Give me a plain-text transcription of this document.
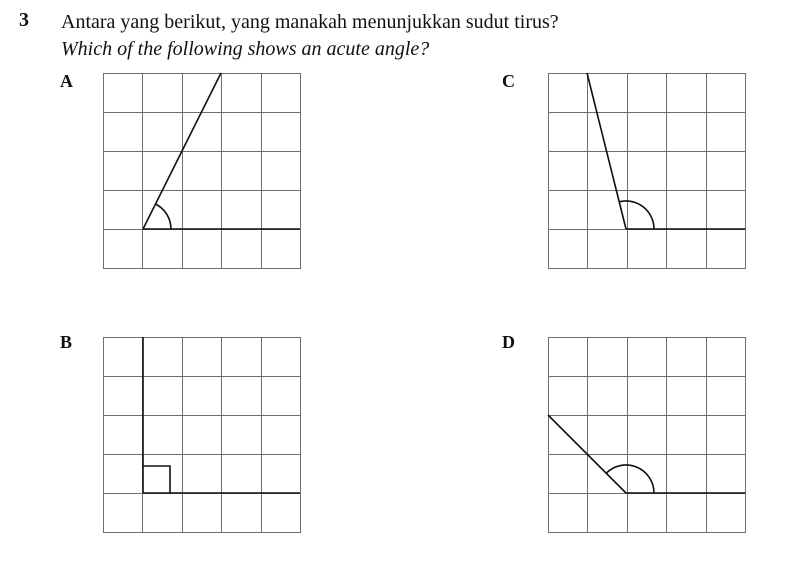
3 Antara yang berikut, yang manakah menunjukkan sudut tirus?
Which of the following shows an acute angle?
A	C
B	D
